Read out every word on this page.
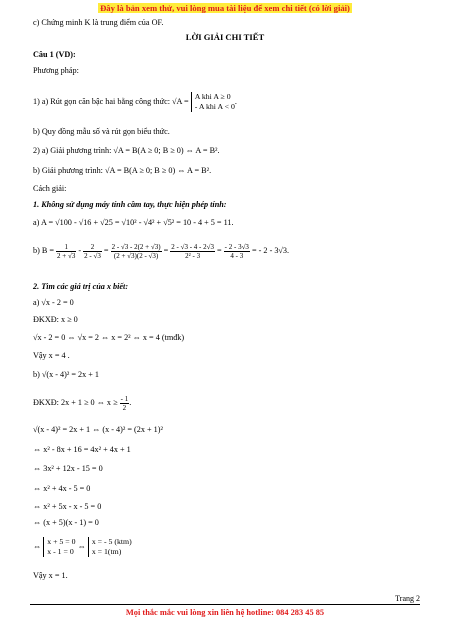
Đây là bản xem thử, vui lòng mua tài liệu để xem chi tiết (có lời giải)
c) Chứng minh K là trung điểm của OF.
LỜI GIẢI CHI TIẾT
Câu 1 (VD):
Phương pháp:
1) a) Rút gọn căn bậc hai bằng công thức: √A =
A khi A ≥ 0
- A khi A < 0
.
b) Quy đồng mẫu số và rút gọn biểu thức.
2) a) Giải phương trình: √A = B(A ≥ 0; B ≥ 0) ⇔ A = B².
b) Giải phương trình: √A = B(A ≥ 0; B ≥ 0) ⇔ A = B².
Cách giải:
1. Không sử dụng máy tính cầm tay, thực hiện phép tính:
a) A = √100 - √16 + √25 = √10² - √4² + √5² = 10 - 4 + 5 = 11.
b) $B = \frac{1}{2 + √3} - \frac{2}{2 - √3} = \frac{2 - √3 - 2(2 + √3)}{(2 + √3)(2 - √3)} = \frac{2 - √3 - 4 - 2√3}{\text{2² - 3}} = \frac{- 2 - 3√3}{4 - 3}$ = - 2 - 3√3.
2. Tìm các giá trị của x biết:
a) √x - 2 = 0
ĐKXĐ: x ≥ 0
√x - 2 = 0 ⇔ √x = 2 ⇔ x = 2² ⇔ x = 4 (tmđk)
Vậy x = 4 .
b) √(x - 4)² = 2x + 1
ĐKXĐ: 2x + 1 ≥ 0 ⇔ $x \ge \frac{- 1}{2}$ .
√(x - 4)² = 2x + 1 ⇔ (x - 4)² = (2x + 1)²
⇔ x² - 8x + 16 = 4x² + 4x + 1
⇔ 3x² + 12x - 15 = 0
⇔ x² + 4x - 5 = 0
⇔ x² + 5x - x - 5 = 0
⇔ (x + 5)(x - 1) = 0
⇔
x + 5 = 0
x - 1 = 0
⇔
x = - 5 (ktm)
x = 1(tm)
Vậy x = 1.
Trang 2
Mọi thắc mắc vui lòng xin liên hệ hotline: 084 283 45 85
